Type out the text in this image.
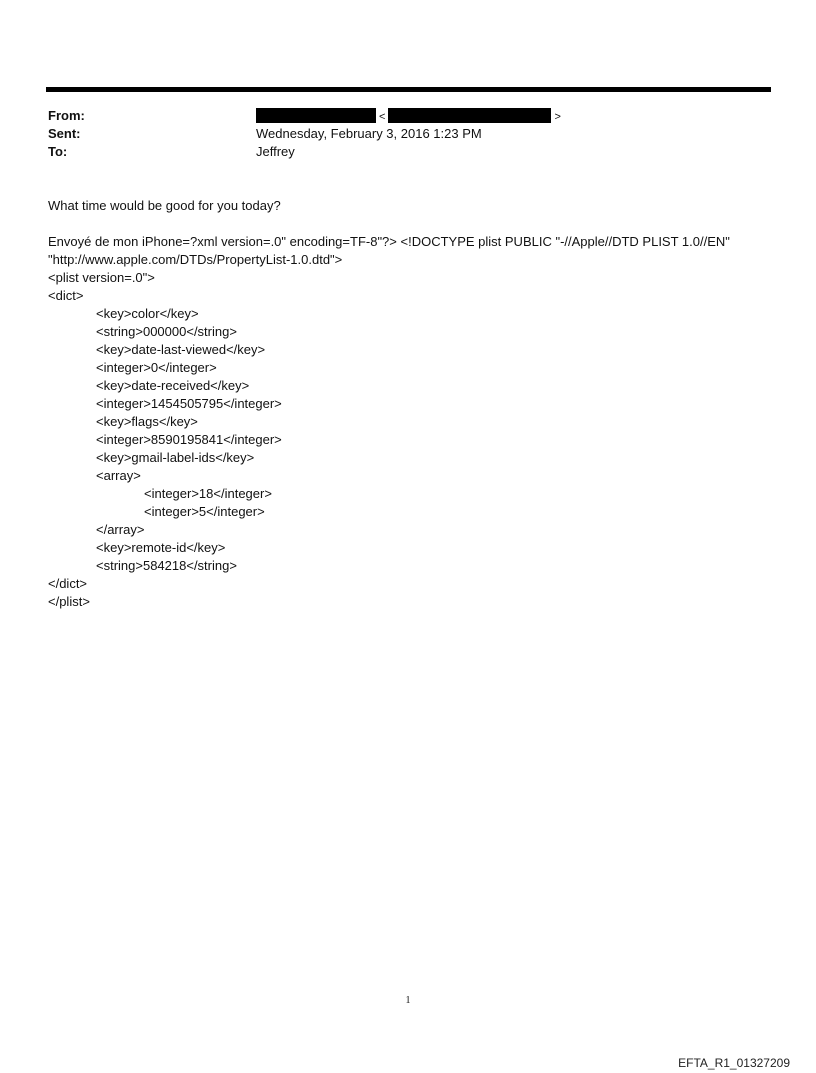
From:	<	>
Sent:	Wednesday, February 3, 2016 1:23 PM
To:	Jeffrey

What time would be good for you today?

Envoyé de mon iPhone=?xml version=.0" encoding=TF-8"?> <!DOCTYPE plist PUBLIC "-//Apple//DTD PLIST 1.0//EN"

"http://www.apple.com/DTDs/PropertyList-1.0.dtd">

<plist version=.0">

<dict>

<key>color</key>

<string>000000</string>

<key>date-last-viewed</key>

<integer>0</integer>

<key>date-received</key>

<integer>1454505795</integer>

<key>flags</key>

<integer>8590195841</integer>

<key>gmail-label-ids</key>

<array>

<integer>18</integer>

<integer>5</integer>

</array>

<key>remote-id</key>

<string>584218</string>

</dict>

</plist>

1
EFTA_R1_01327209
